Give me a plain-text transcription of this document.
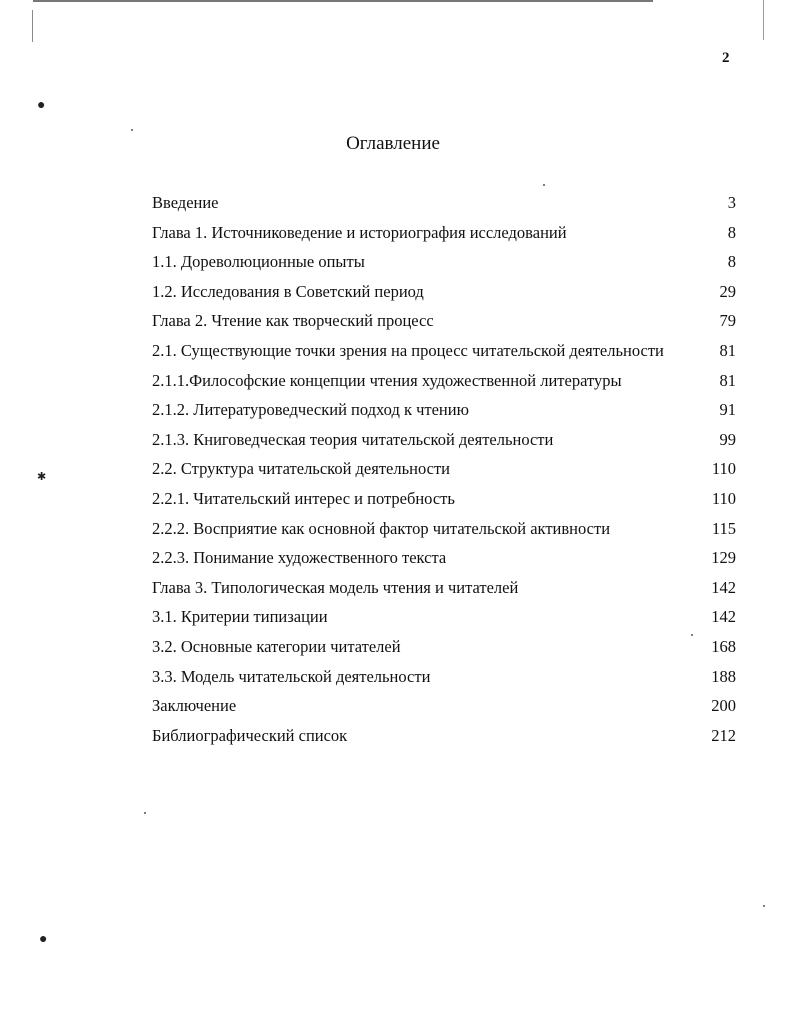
●
✱
●
2
Оглавление
Введение	3
Глава 1. Источниковедение и историография исследований	8
1.1. Дореволюционные опыты	8
1.2. Исследования в Советский период	29
Глава 2. Чтение как творческий процесс	79
2.1. Существующие точки зрения на процесс читательской деятельности	81
2.1.1.Философские концепции чтения художественной литературы	81
2.1.2. Литературоведческий подход к чтению	91
2.1.3. Книговедческая теория читательской деятельности	99
2.2. Структура читательской деятельности	110
2.2.1. Читательский интерес и потребность	110
2.2.2. Восприятие как основной фактор читательской активности	115
2.2.3. Понимание художественного текста	129
Глава 3. Типологическая модель чтения и читателей	142
3.1. Критерии типизации	142
3.2. Основные категории читателей	168
3.3. Модель читательской деятельности	188
Заключение	200
Библиографический список	212
